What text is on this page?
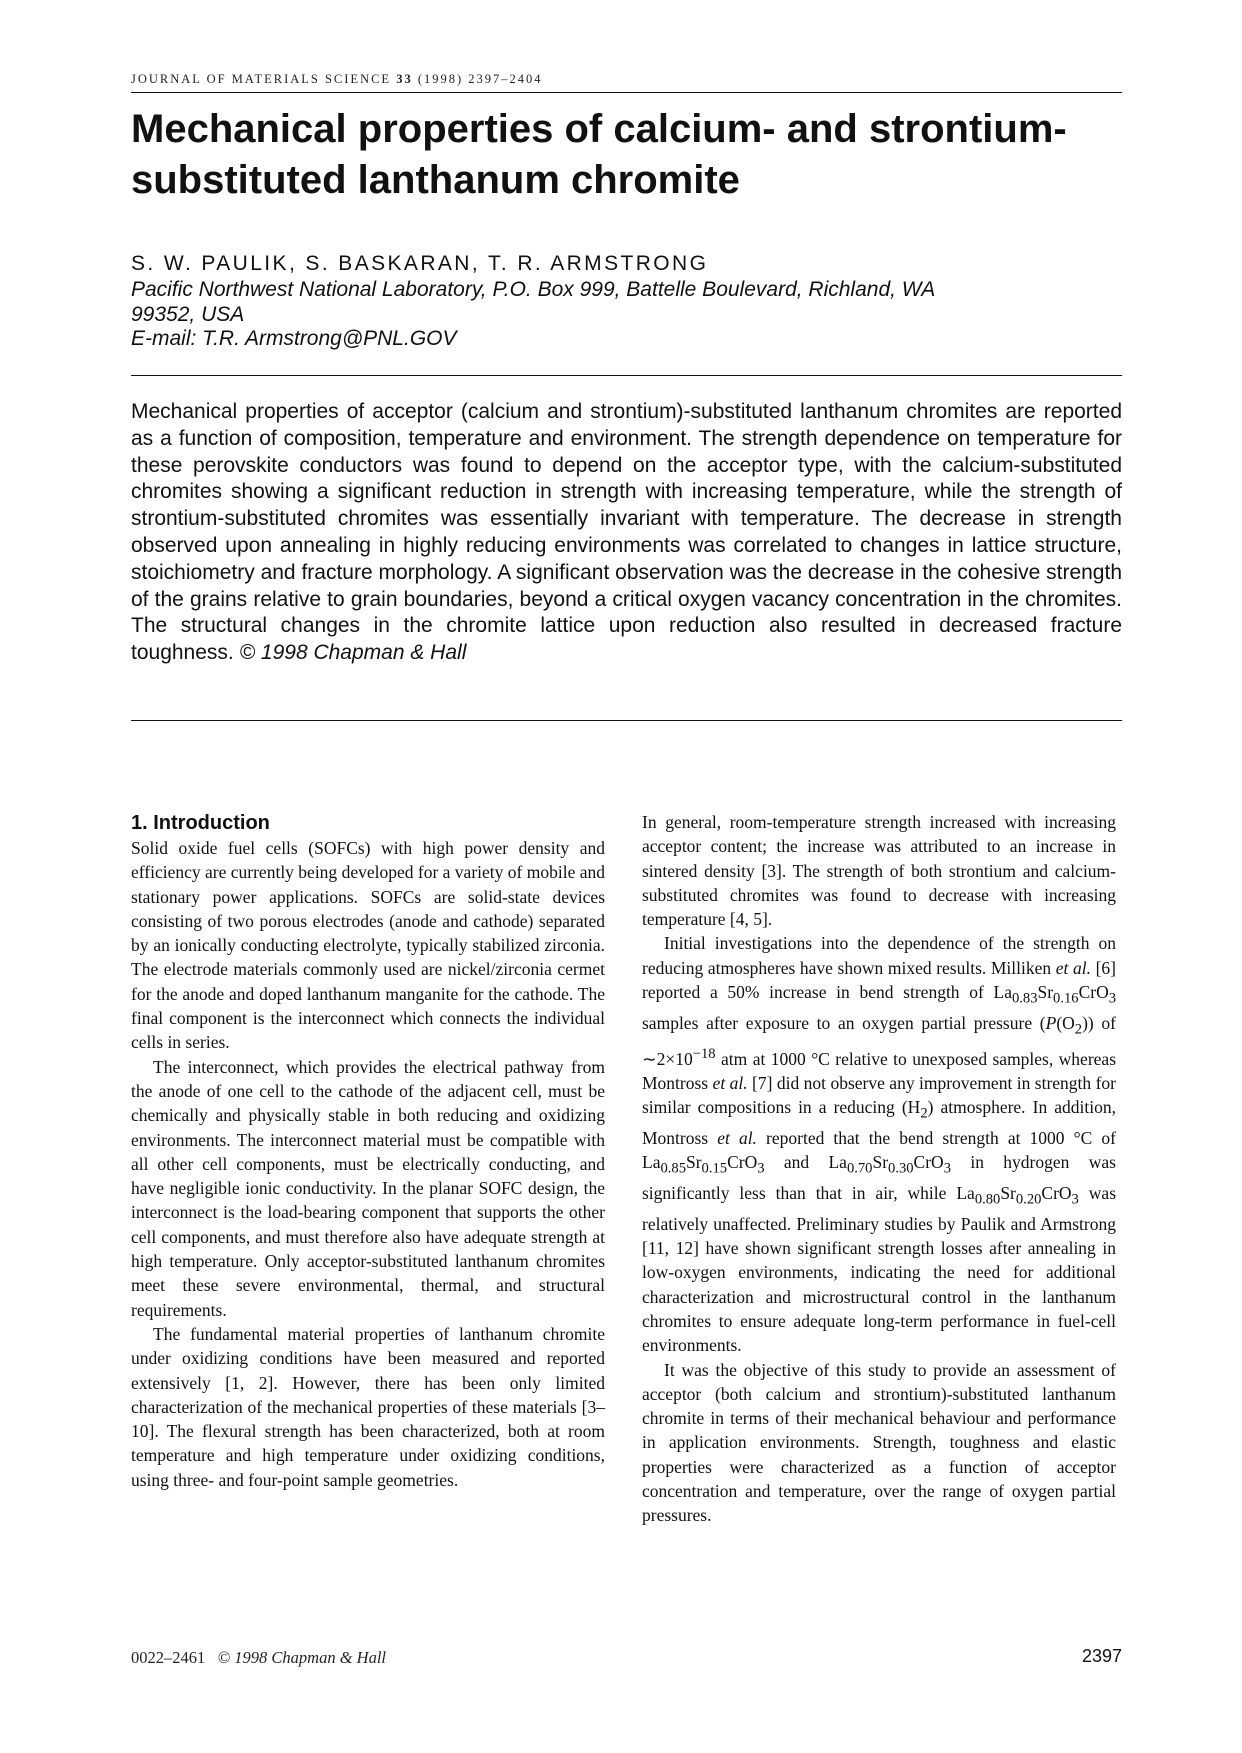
JOURNAL OF MATERIALS SCIENCE 33 (1998) 2397–2404
Mechanical properties of calcium- and strontium-
substituted lanthanum chromite
S. W. PAULIK, S. BASKARAN, T. R. ARMSTRONG
Pacific Northwest National Laboratory, P.O. Box 999, Battelle Boulevard, Richland, WA
99352, USA
E-mail: T.R. Armstrong@PNL.GOV

Mechanical properties of acceptor (calcium and strontium)-substituted lanthanum chromites are reported as a function of composition, temperature and environment. The strength dependence on temperature for these perovskite conductors was found to depend on the acceptor type, with the calcium-substituted chromites showing a significant reduction in strength with increasing temperature, while the strength of strontium-substituted chromites was essentially invariant with temperature. The decrease in strength observed upon annealing in highly reducing environments was correlated to changes in lattice structure, stoichiometry and fracture morphology. A significant observation was the decrease in the cohesive strength of the grains relative to grain boundaries, beyond a critical oxygen vacancy concentration in the chromites. The structural changes in the chromite lattice upon reduction also resulted in decreased fracture toughness. © 1998 Chapman & Hall

1. Introduction

Solid oxide fuel cells (SOFCs) with high power density and efficiency are currently being developed for a variety of mobile and stationary power applications. SOFCs are solid-state devices consisting of two porous electrodes (anode and cathode) separated by an ionically conducting electrolyte, typically stabilized zirconia. The electrode materials commonly used are nickel/zirconia cermet for the anode and doped lanthanum manganite for the cathode. The final component is the interconnect which connects the individual cells in series.

The interconnect, which provides the electrical pathway from the anode of one cell to the cathode of the adjacent cell, must be chemically and physically stable in both reducing and oxidizing environments. The interconnect material must be compatible with all other cell components, must be electrically conducting, and have negligible ionic conductivity. In the planar SOFC design, the interconnect is the load-bearing component that supports the other cell components, and must therefore also have adequate strength at high temperature. Only acceptor-substituted lanthanum chromites meet these severe environmental, thermal, and structural requirements.

The fundamental material properties of lanthanum chromite under oxidizing conditions have been measured and reported extensively [1, 2]. However, there has been only limited characterization of the mechanical properties of these materials [3–10]. The flexural strength has been characterized, both at room temperature and high temperature under oxidizing conditions, using three- and four-point sample geometries.

In general, room-temperature strength increased with increasing acceptor content; the increase was attributed to an increase in sintered density [3]. The strength of both strontium and calcium-substituted chromites was found to decrease with increasing temperature [4, 5].

Initial investigations into the dependence of the strength on reducing atmospheres have shown mixed results. Milliken et al. [6] reported a 50% increase in bend strength of $La_{0.83}Sr_{0.16}CrO_3$ samples after exposure to an oxygen partial pressure $(P(O_2))$ of $\sim 2\times 10^{-18}$ atm at 1000 °C relative to unexposed samples, whereas Montross et al. [7] did not observe any improvement in strength for similar compositions in a reducing $(H_2)$ atmosphere. In addition, Montross et al. reported that the bend strength at 1000 °C of $La_{0.85}Sr_{0.15}CrO_3$ and $La_{0.70}Sr_{0.30}CrO_3$ in hydrogen was significantly less than that in air, while $La_{0.80}Sr_{0.20}CrO_3$ was relatively unaffected. Preliminary studies by Paulik and Armstrong [11, 12] have shown significant strength losses after annealing in low-oxygen environments, indicating the need for additional characterization and microstructural control in the lanthanum chromites to ensure adequate long-term performance in fuel-cell environments.

It was the objective of this study to provide an assessment of acceptor (both calcium and strontium)-substituted lanthanum chromite in terms of their mechanical behaviour and performance in application environments. Strength, toughness and elastic properties were characterized as a function of acceptor concentration and temperature, over the range of oxygen partial pressures.

0022–2461 © 1998 Chapman & Hall	2397
